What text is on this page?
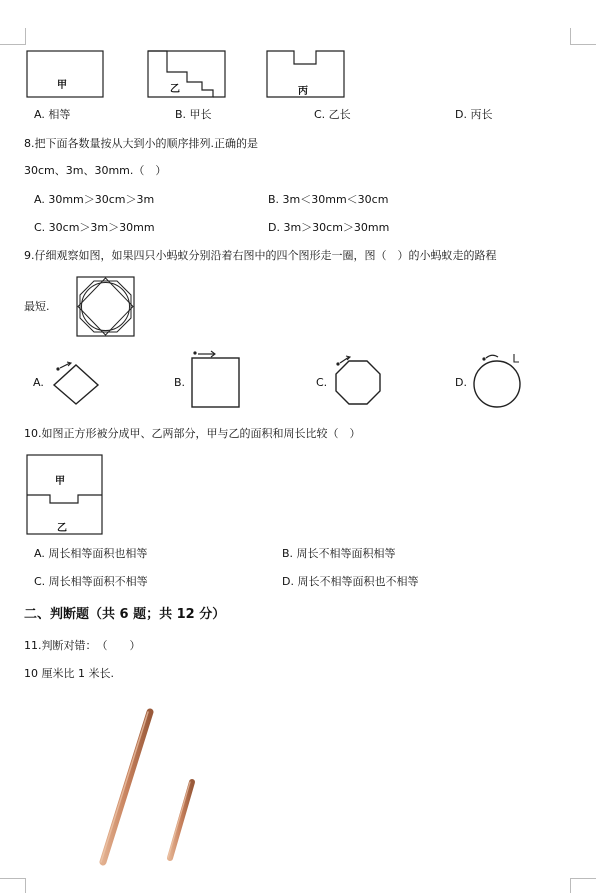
甲	乙	丙
A. 相等	B. 甲长	C. 乙长	D. 丙长
8.把下面各数量按从大到小的顺序排列.正确的是
30cm、3m、30mm.（　）
A. 30mm＞30cm＞3m	B. 3m＜30mm＜30cm
C. 30cm＞3m＞30mm	D. 3m＞30cm＞30mm
9.仔细观察如图，如果四只小蚂蚁分别沿着右图中的四个图形走一圈，图（　）的小蚂蚁走的路程
最短.
A.	B.	C.	D.
10.如图正方形被分成甲、乙两部分，甲与乙的面积和周长比较（　）
甲
乙
A. 周长相等面积也相等	B. 周长不相等面积相等
C. 周长相等面积不相等	D. 周长不相等面积也不相等
二、判断题（共 6 题；共 12 分）
11.判断对错：　（　　）
10 厘米比 1 米长.
